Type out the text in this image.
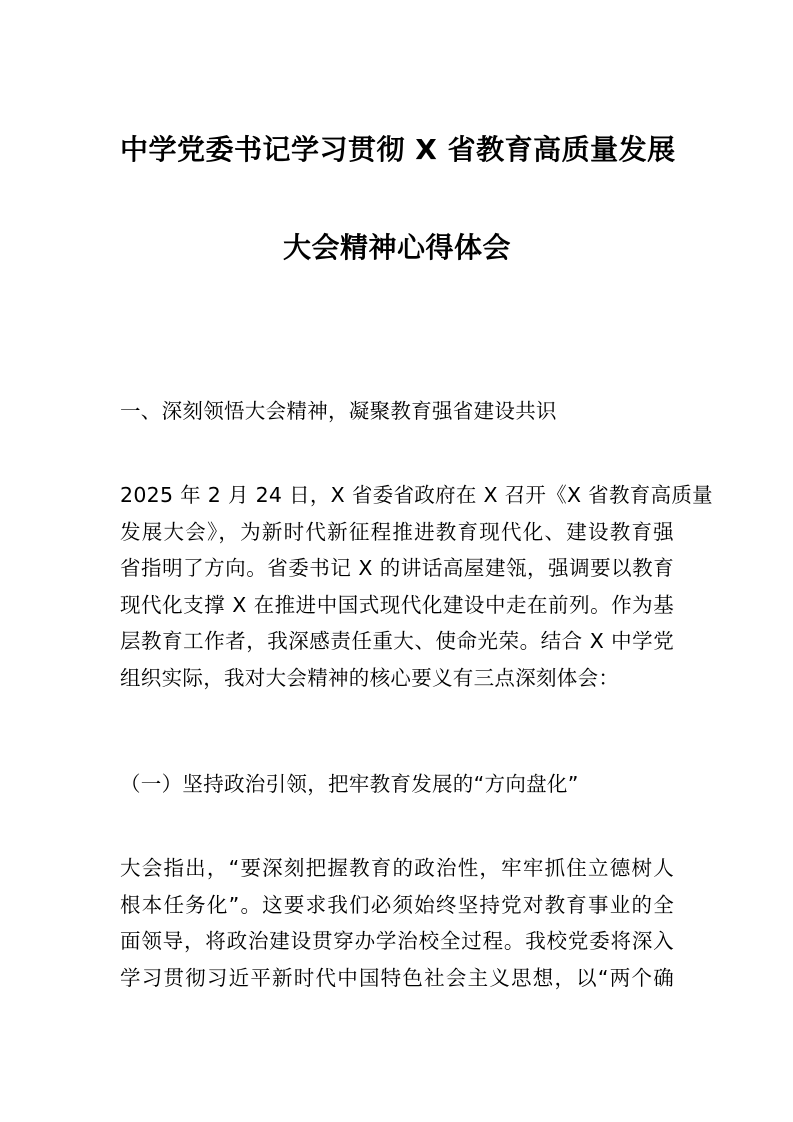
中学党委书记学习贯彻 X 省教育高质量发展
大会精神心得体会
一、深刻领悟大会精神，凝聚教育强省建设共识
2025 年 2 月 24 日，X 省委省政府在 X 召开《X 省教育高质量
发展大会》，为新时代新征程推进教育现代化、建设教育强
省指明了方向。省委书记 X 的讲话高屋建瓴，强调要以教育
现代化支撑 X 在推进中国式现代化建设中走在前列。作为基
层教育工作者，我深感责任重大、使命光荣。结合 X 中学党
组织实际，我对大会精神的核心要义有三点深刻体会：
（一）坚持政治引领，把牢教育发展的“方向盘化”
大会指出，“要深刻把握教育的政治性，牢牢抓住立德树人
根本任务化”。这要求我们必须始终坚持党对教育事业的全
面领导，将政治建设贯穿办学治校全过程。我校党委将深入
学习贯彻习近平新时代中国特色社会主义思想，以“两个确
